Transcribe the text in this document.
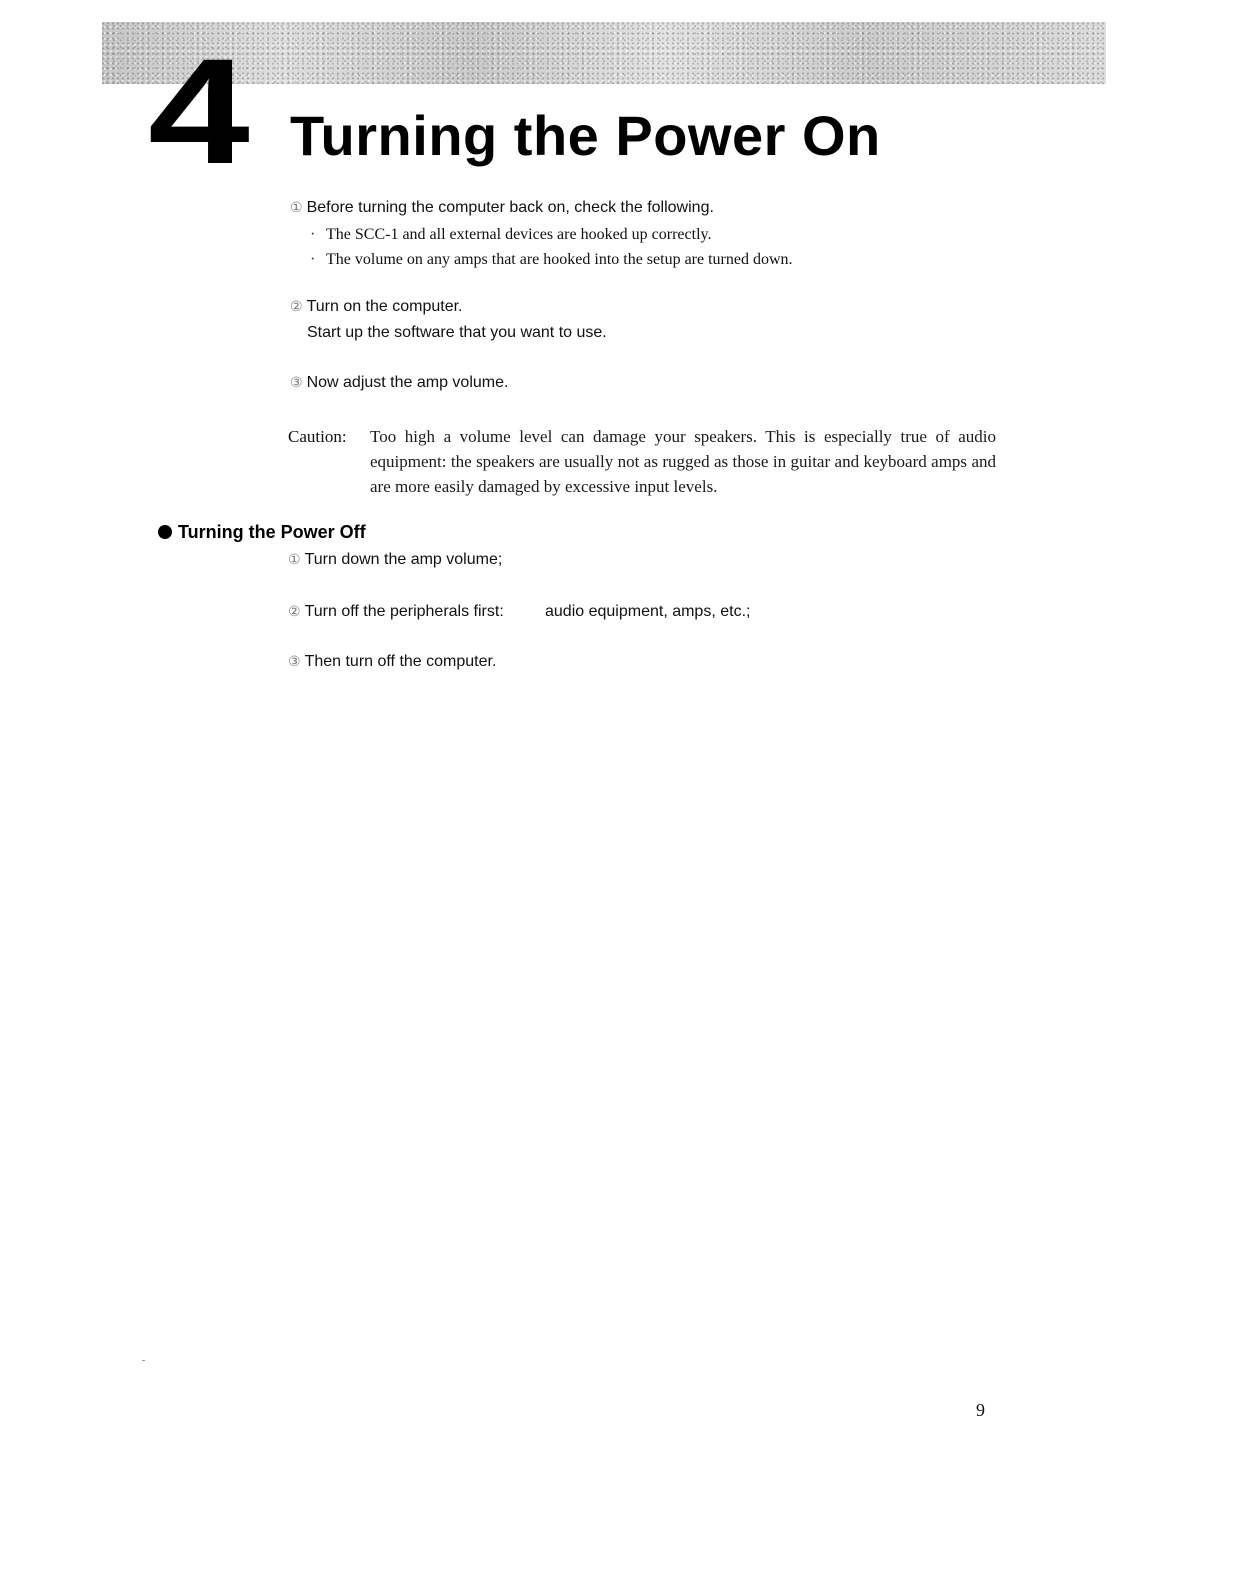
4 Turning the Power On
① Before turning the computer back on, check the following.
· The SCC-1 and all external devices are hooked up correctly.
· The volume on any amps that are hooked into the setup are turned down.
② Turn on the computer.
Start up the software that you want to use.
③ Now adjust the amp volume.
Caution: Too high a volume level can damage your speakers. This is especially true of audio equipment: the speakers are usually not as rugged as those in guitar and keyboard amps and are more easily damaged by excessive input levels.
Turning the Power Off
① Turn down the amp volume;
② Turn off the peripherals first:	audio equipment, amps, etc.;
③ Then turn off the computer.
9
